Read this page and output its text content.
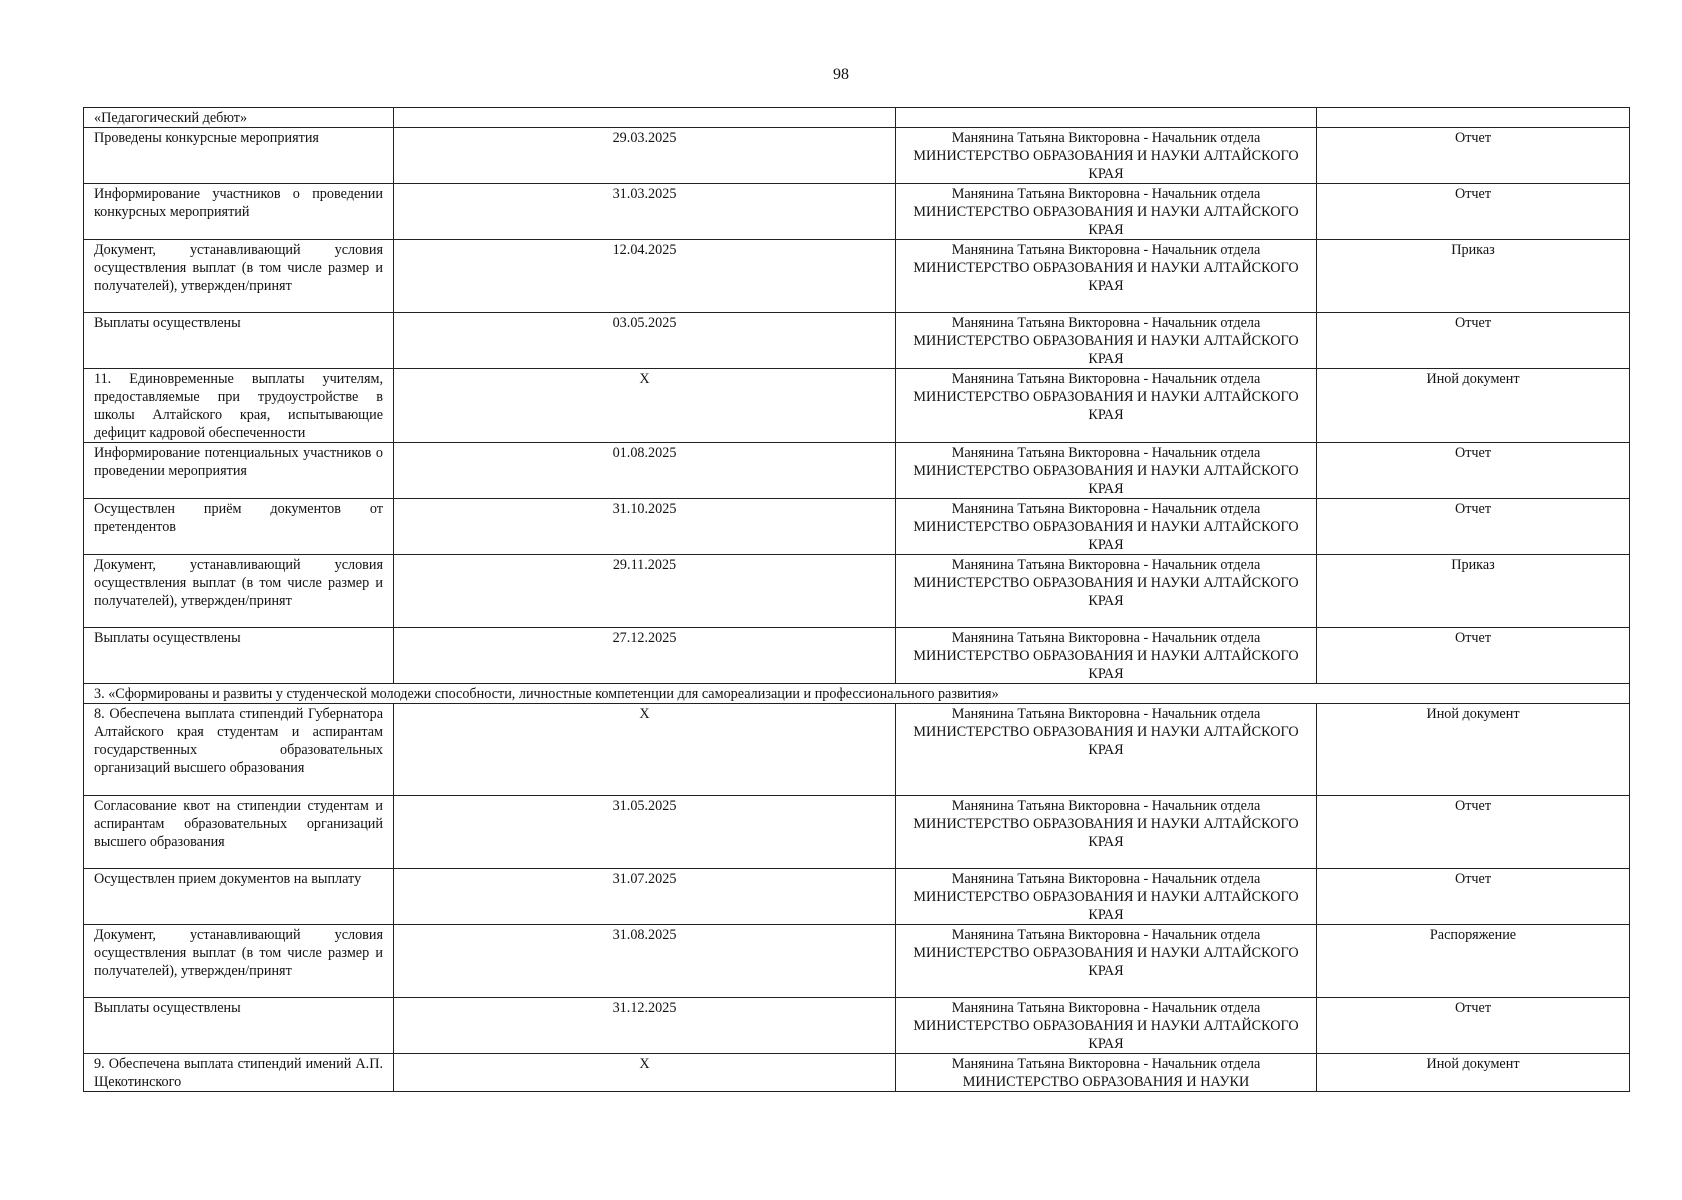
98
«Педагогический дебют»			
Проведены конкурсные мероприятия	29.03.2025	Манянина Татьяна Викторовна - Начальник отдела МИНИСТЕРСТВО ОБРАЗОВАНИЯ И НАУКИ АЛТАЙСКОГО КРАЯ	Отчет
Информирование участников о проведении конкурсных мероприятий	31.03.2025	Манянина Татьяна Викторовна - Начальник отдела МИНИСТЕРСТВО ОБРАЗОВАНИЯ И НАУКИ АЛТАЙСКОГО КРАЯ	Отчет
Документ, устанавливающий условия осуществления выплат (в том числе размер и получателей), утвержден/принят	12.04.2025	Манянина Татьяна Викторовна - Начальник отдела МИНИСТЕРСТВО ОБРАЗОВАНИЯ И НАУКИ АЛТАЙСКОГО КРАЯ	Приказ
Выплаты осуществлены	03.05.2025	Манянина Татьяна Викторовна - Начальник отдела МИНИСТЕРСТВО ОБРАЗОВАНИЯ И НАУКИ АЛТАЙСКОГО КРАЯ	Отчет
11. Единовременные выплаты учителям, предоставляемые при трудоустройстве в школы Алтайского края, испытывающие дефицит кадровой обеспеченности	X	Манянина Татьяна Викторовна - Начальник отдела МИНИСТЕРСТВО ОБРАЗОВАНИЯ И НАУКИ АЛТАЙСКОГО КРАЯ	Иной документ
Информирование потенциальных участников о проведении мероприятия	01.08.2025	Манянина Татьяна Викторовна - Начальник отдела МИНИСТЕРСТВО ОБРАЗОВАНИЯ И НАУКИ АЛТАЙСКОГО КРАЯ	Отчет
Осуществлен приём документов от претендентов	31.10.2025	Манянина Татьяна Викторовна - Начальник отдела МИНИСТЕРСТВО ОБРАЗОВАНИЯ И НАУКИ АЛТАЙСКОГО КРАЯ	Отчет
Документ, устанавливающий условия осуществления выплат (в том числе размер и получателей), утвержден/принят	29.11.2025	Манянина Татьяна Викторовна - Начальник отдела МИНИСТЕРСТВО ОБРАЗОВАНИЯ И НАУКИ АЛТАЙСКОГО КРАЯ	Приказ
Выплаты осуществлены	27.12.2025	Манянина Татьяна Викторовна - Начальник отдела МИНИСТЕРСТВО ОБРАЗОВАНИЯ И НАУКИ АЛТАЙСКОГО КРАЯ	Отчет
3. «Сформированы и развиты у студенческой молодежи способности, личностные компетенции для самореализации и профессионального развития»			
8. Обеспечена выплата стипендий Губернатора Алтайского края студентам и аспирантам государственных образовательных организаций высшего образования	X	Манянина Татьяна Викторовна - Начальник отдела МИНИСТЕРСТВО ОБРАЗОВАНИЯ И НАУКИ АЛТАЙСКОГО КРАЯ	Иной документ
Согласование квот на стипендии студентам и аспирантам образовательных организаций высшего образования	31.05.2025	Манянина Татьяна Викторовна - Начальник отдела МИНИСТЕРСТВО ОБРАЗОВАНИЯ И НАУКИ АЛТАЙСКОГО КРАЯ	Отчет
Осуществлен прием документов на выплату	31.07.2025	Манянина Татьяна Викторовна - Начальник отдела МИНИСТЕРСТВО ОБРАЗОВАНИЯ И НАУКИ АЛТАЙСКОГО КРАЯ	Отчет
Документ, устанавливающий условия осуществления выплат (в том числе размер и получателей), утвержден/принят	31.08.2025	Манянина Татьяна Викторовна - Начальник отдела МИНИСТЕРСТВО ОБРАЗОВАНИЯ И НАУКИ АЛТАЙСКОГО КРАЯ	Распоряжение
Выплаты осуществлены	31.12.2025	Манянина Татьяна Викторовна - Начальник отдела МИНИСТЕРСТВО ОБРАЗОВАНИЯ И НАУКИ АЛТАЙСКОГО КРАЯ	Отчет
9. Обеспечена выплата стипендий имений А.П. Щекотинского	X	Манянина Татьяна Викторовна - Начальник отдела МИНИСТЕРСТВО ОБРАЗОВАНИЯ И НАУКИ	Иной документ
